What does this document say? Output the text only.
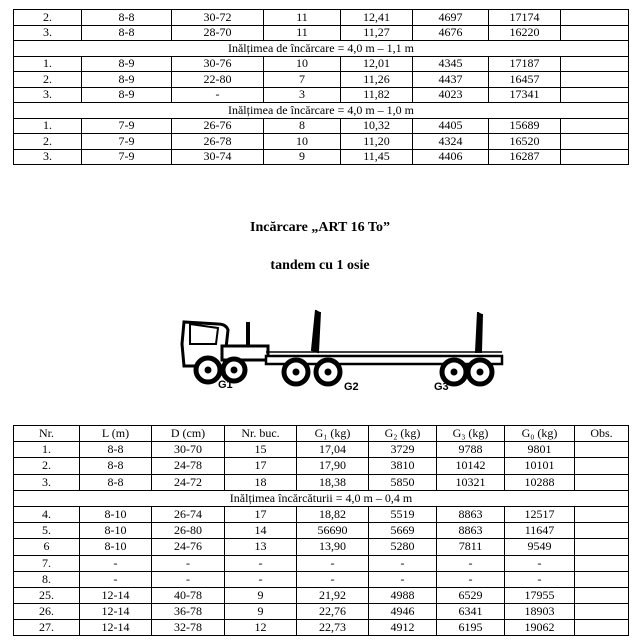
2.	8-8	30-72	11	12,41	4697	17174	
3.	8-8	28-70	11	11,27	4676	16220	
Inălțimea de încărcare = 4,0 m – 1,1 m							
1.	8-9	30-76	10	12,01	4345	17187	
2.	8-9	22-80	7	11,26	4437	16457	
3.	8-9	-	3	11,82	4023	17341	
Inălțimea de încărcare = 4,0 m – 1,0 m							
1.	7-9	26-76	8	10,32	4405	15689	
2.	7-9	26-78	10	11,20	4324	16520	
3.	7-9	30-74	9	11,45	4406	16287	
Incărcare „ART 16 To”
tandem cu 1 osie
G1	G2	G3
Nr.	L (m)	D (cm)	Nr. buc.	G₁ (kg)	G₂ (kg)	G₃ (kg)	G₀ (kg)	Obs.
1.	8-8	30-70	15	17,04	3729	9788	9801	
2.	8-8	24-78	17	17,90	3810	10142	10101	
3.	8-8	24-72	18	18,38	5850	10321	10288	
Inălțimea încărcăturii = 4,0 m – 0,4 m								
4.	8-10	26-74	17	18,82	5519	8863	12517	
5.	8-10	26-80	14	56690	5669	8863	11647	
6	8-10	24-76	13	13,90	5280	7811	9549	
7.	-	-	-	-	-	-	-	
8.	-	-	-	-	-	-	-	
25.	12-14	40-78	9	21,92	4988	6529	17955	
26.	12-14	36-78	9	22,76	4946	6341	18903	
27.	12-14	32-78	12	22,73	4912	6195	19062	
